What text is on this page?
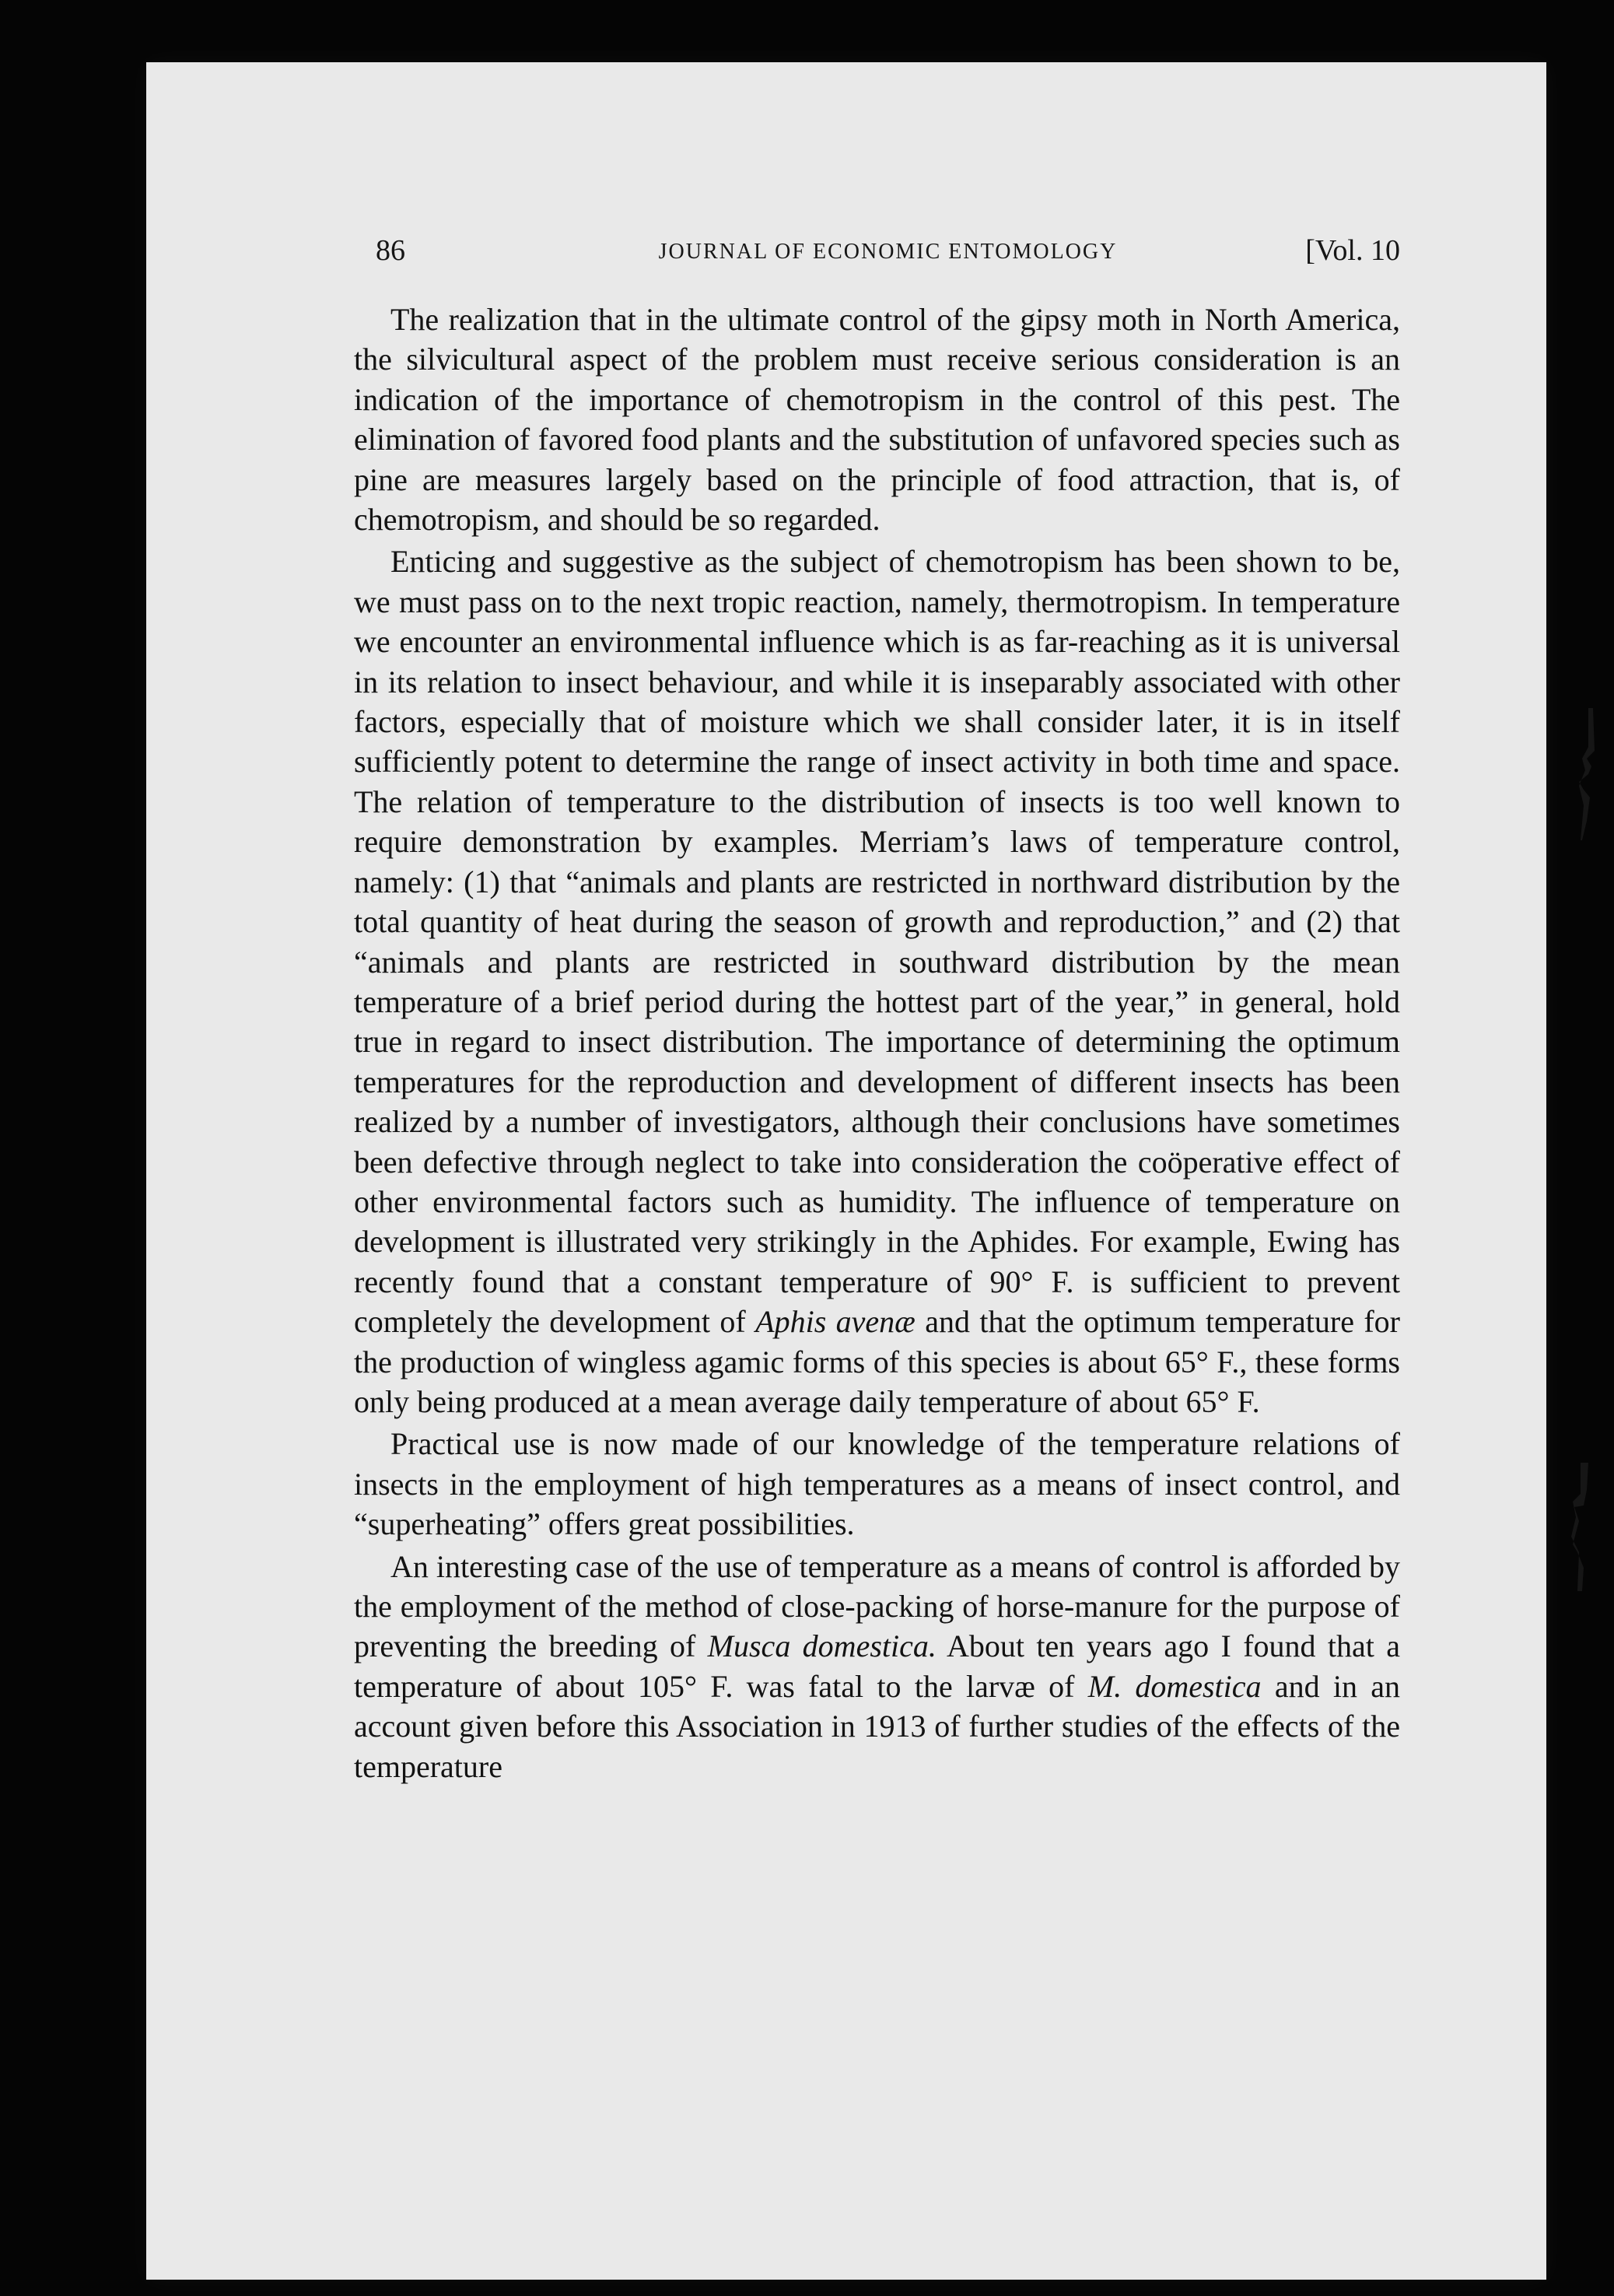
86	JOURNAL OF ECONOMIC ENTOMOLOGY	[Vol. 10

The realization that in the ultimate control of the gipsy moth in North America, the silvicultural aspect of the problem must receive serious consideration is an indication of the importance of chemotropism in the control of this pest. The elimination of favored food plants and the substitution of unfavored species such as pine are measures largely based on the principle of food attraction, that is, of chemotropism, and should be so regarded.

Enticing and suggestive as the subject of chemotropism has been shown to be, we must pass on to the next tropic reaction, namely, thermotropism. In temperature we encounter an environmental influence which is as far-reaching as it is universal in its relation to insect behaviour, and while it is inseparably associated with other factors, especially that of moisture which we shall consider later, it is in itself sufficiently potent to determine the range of insect activity in both time and space. The relation of temperature to the distribution of insects is too well known to require demonstration by examples. Merriam’s laws of temperature control, namely: (1) that “animals and plants are restricted in northward distribution by the total quantity of heat during the season of growth and reproduction,” and (2) that “animals and plants are restricted in southward distribution by the mean temperature of a brief period during the hottest part of the year,” in general, hold true in regard to insect distribution. The importance of determining the optimum temperatures for the reproduction and development of different insects has been realized by a number of investigators, although their conclusions have sometimes been defective through neglect to take into consideration the coöperative effect of other environmental factors such as humidity. The influence of temperature on development is illustrated very strikingly in the Aphides. For example, Ewing has recently found that a constant temperature of 90° F. is sufficient to prevent completely the development of Aphis avenæ and that the optimum temperature for the production of wingless agamic forms of this species is about 65° F., these forms only being produced at a mean average daily temperature of about 65° F.

Practical use is now made of our knowledge of the temperature relations of insects in the employment of high temperatures as a means of insect control, and “superheating” offers great possibilities.

An interesting case of the use of temperature as a means of control is afforded by the employment of the method of close-packing of horse-manure for the purpose of preventing the breeding of Musca domestica. About ten years ago I found that a temperature of about 105° F. was fatal to the larvæ of M. domestica and in an account given before this Association in 1913 of further studies of the effects of the temperature
